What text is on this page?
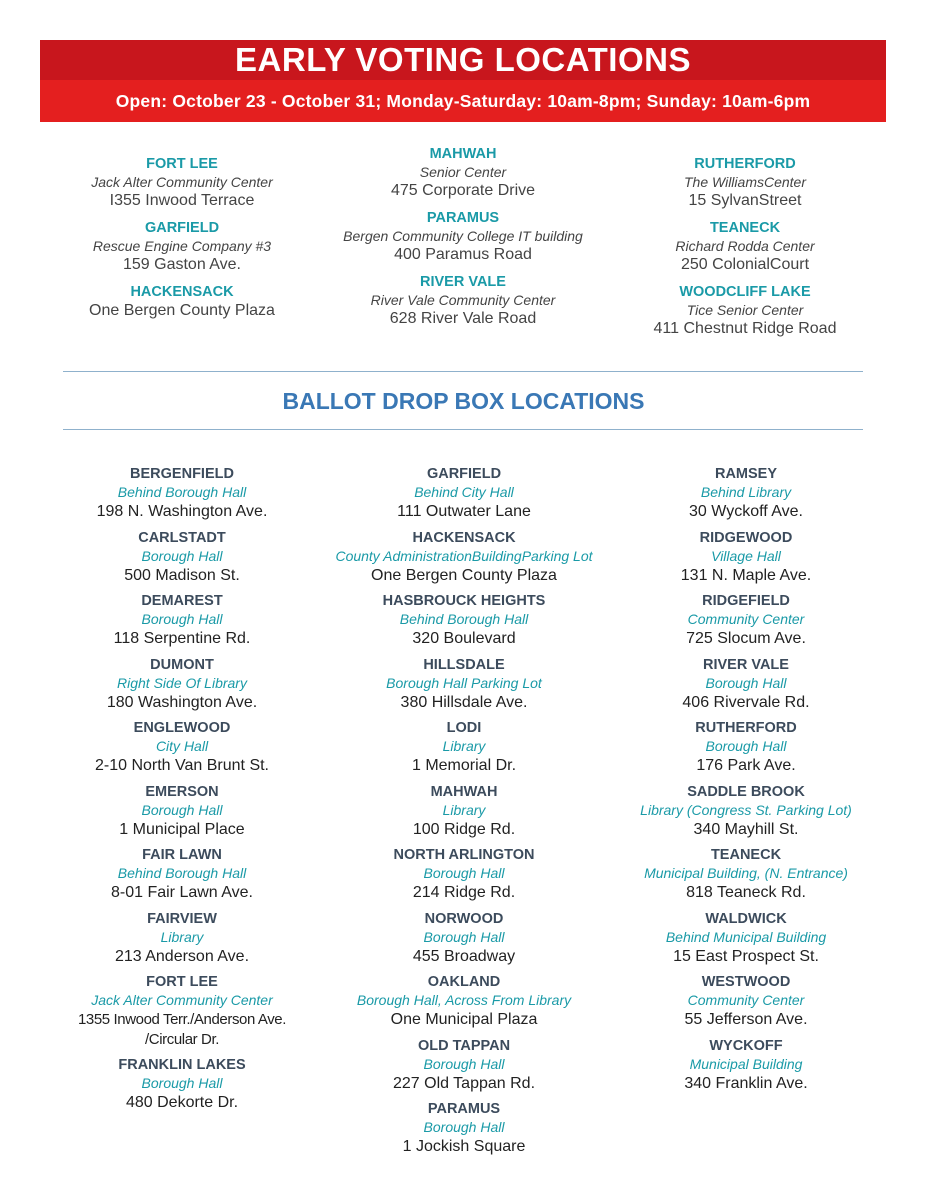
EARLY VOTING LOCATIONS
Open: October 23 - October 31; Monday-Saturday: 10am-8pm; Sunday: 10am-6pm
FORT LEE
Jack Alter Community Center
I355 Inwood Terrace
GARFIELD
Rescue Engine Company #3
159 Gaston Ave.
HACKENSACK
One Bergen County Plaza
MAHWAH
Senior Center
475 Corporate Drive
PARAMUS
Bergen Community College IT building
400 Paramus Road
RIVER VALE
River Vale Community Center
628 River Vale Road
RUTHERFORD
The WilliamsCenter
15 SylvanStreet
TEANECK
Richard Rodda Center
250 ColonialCourt
WOODCLIFF LAKE
Tice Senior Center
411 Chestnut Ridge Road
BALLOT DROP BOX LOCATIONS
BERGENFIELD
Behind Borough Hall
198 N. Washington Ave.
CARLSTADT
Borough Hall
500 Madison St.
DEMAREST
Borough Hall
118 Serpentine Rd.
DUMONT
Right Side Of Library
180 Washington Ave.
ENGLEWOOD
City Hall
2-10 North Van Brunt St.
EMERSON
Borough Hall
1 Municipal Place
FAIR LAWN
Behind Borough Hall
8-01 Fair Lawn Ave.
FAIRVIEW
Library
213 Anderson Ave.
FORT LEE
Jack Alter Community Center
1355 Inwood Terr./Anderson Ave. /Circular Dr.
FRANKLIN LAKES
Borough Hall
480 Dekorte Dr.
GARFIELD
Behind City Hall
111 Outwater Lane
HACKENSACK
County AdministrationBuildingParking Lot
One Bergen County Plaza
HASBROUCK HEIGHTS
Behind Borough Hall
320 Boulevard
HILLSDALE
Borough Hall Parking Lot
380 Hillsdale Ave.
LODI
Library
1 Memorial Dr.
MAHWAH
Library
100 Ridge Rd.
NORTH ARLINGTON
Borough Hall
214 Ridge Rd.
NORWOOD
Borough Hall
455 Broadway
OAKLAND
Borough Hall, Across From Library
One Municipal Plaza
OLD TAPPAN
Borough Hall
227 Old Tappan Rd.
PARAMUS
Borough Hall
1 Jockish Square
RAMSEY
Behind Library
30 Wyckoff Ave.
RIDGEWOOD
Village Hall
131 N. Maple Ave.
RIDGEFIELD
Community Center
725 Slocum Ave.
RIVER VALE
Borough Hall
406 Rivervale Rd.
RUTHERFORD
Borough Hall
176 Park Ave.
SADDLE BROOK
Library (Congress St. Parking Lot)
340 Mayhill St.
TEANECK
Municipal Building, (N. Entrance)
818 Teaneck Rd.
WALDWICK
Behind Municipal Building
15 East Prospect St.
WESTWOOD
Community Center
55 Jefferson Ave.
WYCKOFF
Municipal Building
340 Franklin Ave.
